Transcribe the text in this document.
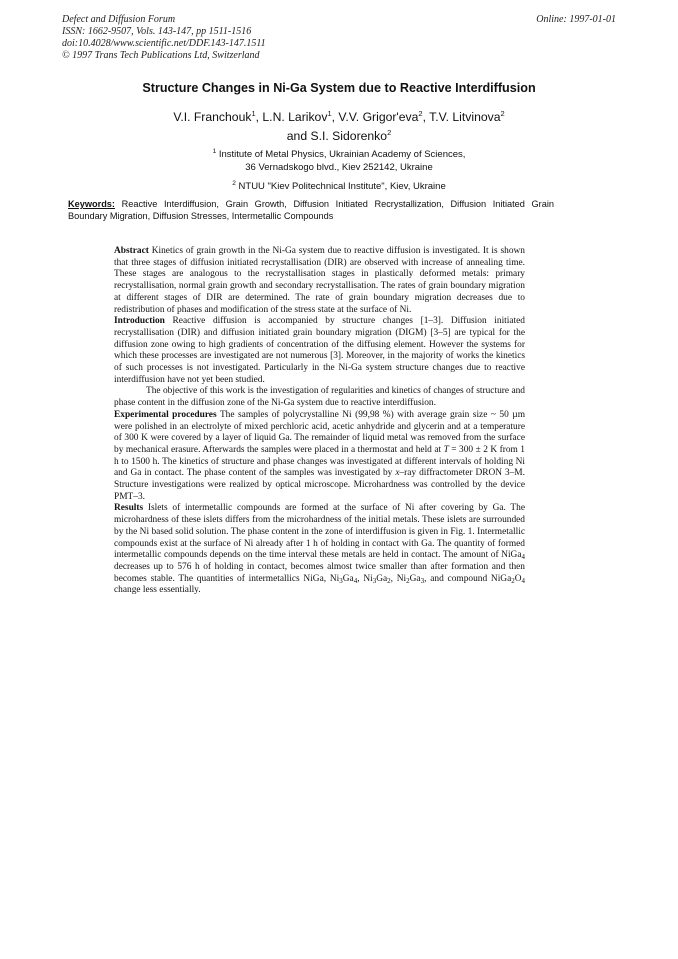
Defect and Diffusion Forum
ISSN: 1662-9507, Vols. 143-147, pp 1511-1516
doi:10.4028/www.scientific.net/DDF.143-147.1511
© 1997 Trans Tech Publications Ltd, Switzerland
Online: 1997-01-01
Structure Changes in Ni-Ga System due to Reactive Interdiffusion
V.I. Franchouk$^1$, L.N. Larikov$^1$, V.V. Grigor'eva$^2$, T.V. Litvinova$^2$
and S.I. Sidorenko$^2$
$^1$ Institute of Metal Physics, Ukrainian Academy of Sciences,
36 Vernadskogo blvd., Kiev 252142, Ukraine
$^2$ NTUU "Kiev Politechnical Institute", Kiev, Ukraine
Keywords: Reactive Interdiffusion, Grain Growth, Diffusion Initiated Recrystallization, Diffusion Initiated Grain Boundary Migration, Diffusion Stresses, Intermetallic Compounds

Abstract Kinetics of grain growth in the Ni-Ga system due to reactive diffusion is investigated. It is shown that three stages of diffusion initiated recrystallisation (DIR) are observed with increase of annealing time. These stages are analogous to the recrystallisation stages in plastically deformed metals: primary recrystallisation, normal grain growth and secondary recrystallisation. The rates of grain boundary migration at different stages of DIR are determined. The rate of grain boundary migration decreases due to redistribution of phases and modification of the stress state at the surface of Ni.

Introduction Reactive diffusion is accompanied by structure changes [1–3]. Diffusion initiated recrystallisation (DIR) and diffusion initiated grain boundary migration (DIGM) [3–5] are typical for the diffusion zone owing to high gradients of concentration of the diffusing element. However the systems for which these processes are investigated are not numerous [3]. Moreover, in the majority of works the kinetics of such processes is not investigated. Particularly in the Ni-Ga system structure changes due to reactive interdiffusion have not yet been studied.

The objective of this work is the investigation of regularities and kinetics of changes of structure and phase content in the diffusion zone of the Ni-Ga system due to reactive interdiffusion.

Experimental procedures The samples of polycrystalline Ni (99,98 %) with average grain size ~ 50 µm were polished in an electrolyte of mixed perchloric acid, acetic anhydride and glycerin and at a temperature of 300 K were covered by a layer of liquid Ga. The remainder of liquid metal was removed from the surface by mechanical erasure. Afterwards the samples were placed in a thermostat and held at T = 300 ± 2 K from 1 h to 1500 h. The kinetics of structure and phase changes was investigated at different intervals of holding Ni and Ga in contact. The phase content of the samples was investigated by x–ray diffractometer DRON 3–M. Structure investigations were realized by optical microscope. Microhardness was controlled by the device PMT–3.

Results Islets of intermetallic compounds are formed at the surface of Ni after covering by Ga. The microhardness of these islets differs from the microhardness of the initial metals. These islets are surrounded by the Ni based solid solution. The phase content in the zone of interdiffusion is given in Fig. 1. Intermetallic compounds exist at the surface of Ni already after 1 h of holding in contact with Ga. The quantity of formed intermetallic compounds depends on the time interval these metals are held in contact. The amount of NiGa$_4$ decreases up to 576 h of holding in contact, becomes almost twice smaller than after formation and then becomes stable. The quantities of intermetallics NiGa, $Ni_3Ga_4$, $Ni_3Ga_2$, $Ni_2Ga_3$, and compound $NiGa_2O_4$ change less essentially.
